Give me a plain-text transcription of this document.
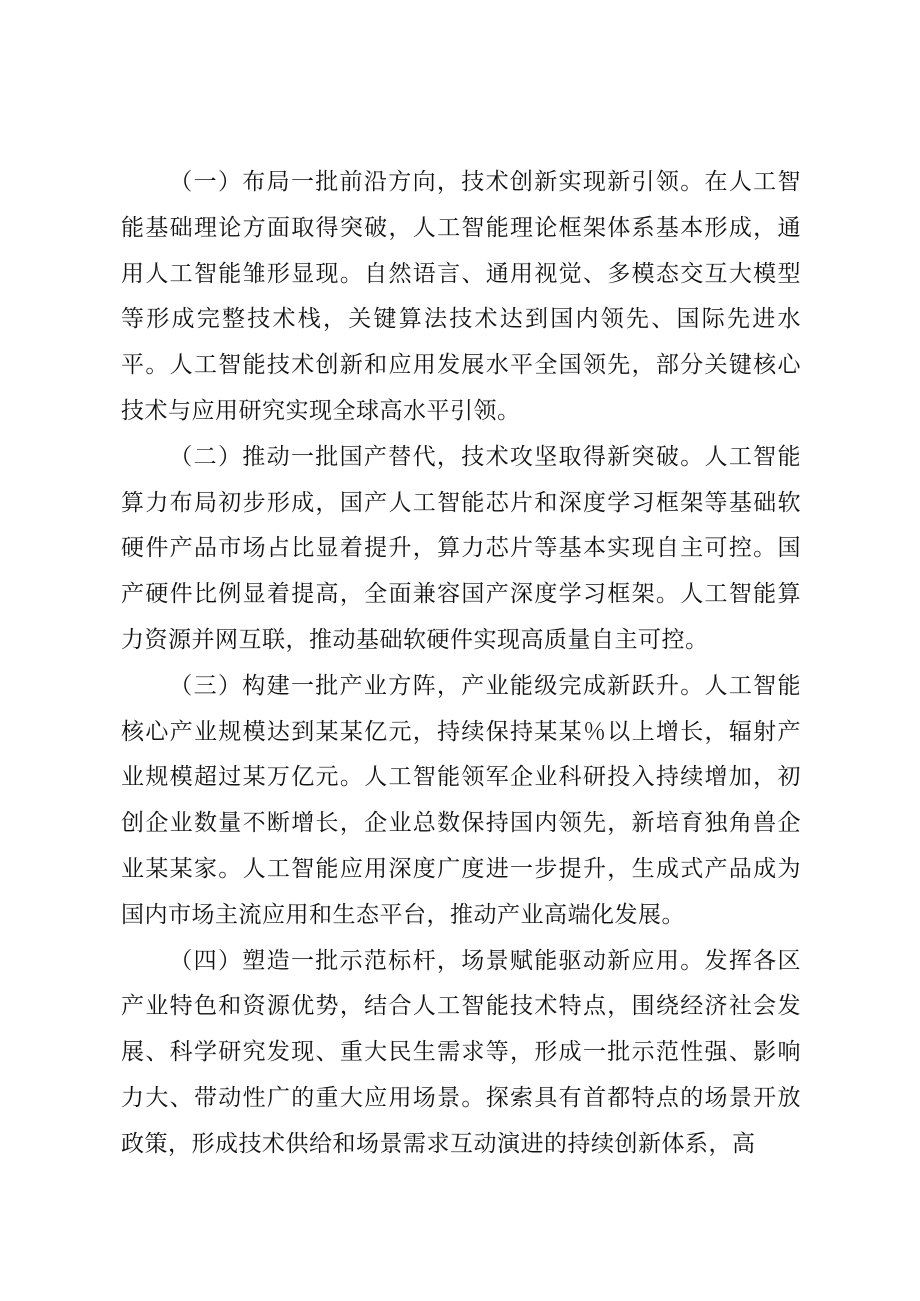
（一）布局一批前沿方向，技术创新实现新引领。在人工智能基础理论方面取得突破，人工智能理论框架体系基本形成，通用人工智能雏形显现。自然语言、通用视觉、多模态交互大模型等形成完整技术栈，关键算法技术达到国内领先、国际先进水平。人工智能技术创新和应用发展水平全国领先，部分关键核心技术与应用研究实现全球高水平引领。

（二）推动一批国产替代，技术攻坚取得新突破。人工智能算力布局初步形成，国产人工智能芯片和深度学习框架等基础软硬件产品市场占比显着提升，算力芯片等基本实现自主可控。国产硬件比例显着提高，全面兼容国产深度学习框架。人工智能算力资源并网互联，推动基础软硬件实现高质量自主可控。

（三）构建一批产业方阵，产业能级完成新跃升。人工智能核心产业规模达到某某亿元，持续保持某某％以上增长，辐射产业规模超过某万亿元。人工智能领军企业科研投入持续增加，初创企业数量不断增长，企业总数保持国内领先，新培育独角兽企业某某家。人工智能应用深度广度进一步提升，生成式产品成为国内市场主流应用和生态平台，推动产业高端化发展。

（四）塑造一批示范标杆，场景赋能驱动新应用。发挥各区产业特色和资源优势，结合人工智能技术特点，围绕经济社会发展、科学研究发现、重大民生需求等，形成一批示范性强、影响力大、带动性广的重大应用场景。探索具有首都特点的场景开放政策，形成技术供给和场景需求互动演进的持续创新体系，高
